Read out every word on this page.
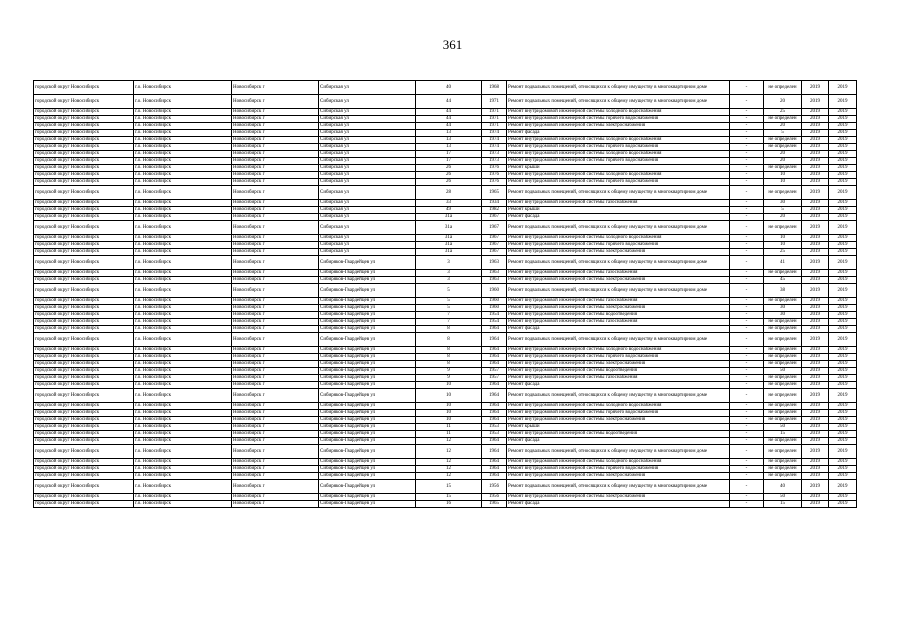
361
городской округ Новосибирск	г.о. Новосибирск	Новосибирск г	Сибирская ул	40	1968	Ремонт подвальных помещений, относящихся к общему имуществу в многоквартирном доме	-	не определен	2019	2019
городской округ Новосибирск	г.о. Новосибирск	Новосибирск г	Сибирская ул	44	1971	Ремонт подвальных помещений, относящихся к общему имуществу в многоквартирном доме	-	20	2019	2019
городской округ Новосибирск	г.о. Новосибирск	Новосибирск г	Сибирская ул	44	1971	Ремонт внутридомовой инженерной системы холодного водоснабжения	-	25	2019	2019
городской округ Новосибирск	г.о. Новосибирск	Новосибирск г	Сибирская ул	44	1971	Ремонт внутридомовой инженерной системы горячего водоснабжения	-	не определен	2019	2019
городской округ Новосибирск	г.о. Новосибирск	Новосибирск г	Сибирская ул	44	1971	Ремонт внутридомовой инженерной системы электроснабжения	-	20	2019	2019
городской округ Новосибирск	г.о. Новосибирск	Новосибирск г	Сибирская ул	13	1974	Ремонт фасада	-	5	2019	2019
городской округ Новосибирск	г.о. Новосибирск	Новосибирск г	Сибирская ул	13	1974	Ремонт внутридомовой инженерной системы холодного водоснабжения	-	не определен	2019	2019
городской округ Новосибирск	г.о. Новосибирск	Новосибирск г	Сибирская ул	13	1974	Ремонт внутридомовой инженерной системы горячего водоснабжения	-	не определен	2019	2019
городской округ Новосибирск	г.о. Новосибирск	Новосибирск г	Сибирская ул	17	1973	Ремонт внутридомовой инженерной системы холодного водоснабжения	-	20	2019	2019
городской округ Новосибирск	г.о. Новосибирск	Новосибирск г	Сибирская ул	17	1973	Ремонт внутридомовой инженерной системы горячего водоснабжения	-	20	2019	2019
городской округ Новосибирск	г.о. Новосибирск	Новосибирск г	Сибирская ул	26	1976	Ремонт крыши	-	не определен	2019	2019
городской округ Новосибирск	г.о. Новосибирск	Новосибирск г	Сибирская ул	26	1976	Ремонт внутридомовой инженерной системы холодного водоснабжения	-	10	2019	2019
городской округ Новосибирск	г.о. Новосибирск	Новосибирск г	Сибирская ул	26	1976	Ремонт внутридомовой инженерной системы горячего водоснабжения	-	10	2019	2019
городской округ Новосибирск	г.о. Новосибирск	Новосибирск г	Сибирская ул	28	1965	Ремонт подвальных помещений, относящихся к общему имуществу в многоквартирном доме	-	не определен	2019	2019
городской округ Новосибирск	г.о. Новосибирск	Новосибирск г	Сибирская ул	33	1934	Ремонт внутридомовой инженерной системы газоснабжения	-	30	2019	2019
городской округ Новосибирск	г.о. Новосибирск	Новосибирск г	Сибирская ул	49	1982	Ремонт крыши	-	5	2019	2019
городской округ Новосибирск	г.о. Новосибирск	Новосибирск г	Сибирская ул	31а	1967	Ремонт фасада	-	20	2019	2019
городской округ Новосибирск	г.о. Новосибирск	Новосибирск г	Сибирская ул	31а	1967	Ремонт подвальных помещений, относящихся к общему имуществу в многоквартирном доме	-	не определен	2019	2019
городской округ Новосибирск	г.о. Новосибирск	Новосибирск г	Сибирская ул	31а	1967	Ремонт внутридомовой инженерной системы холодного водоснабжения	-	10	2019	2019
городской округ Новосибирск	г.о. Новосибирск	Новосибирск г	Сибирская ул	31а	1967	Ремонт внутридомовой инженерной системы горячего водоснабжения	-	10	2019	2019
городской округ Новосибирск	г.о. Новосибирск	Новосибирск г	Сибирская ул	31а	1967	Ремонт внутридомовой инженерной системы электроснабжения	-	25	2019	2019
городской округ Новосибирск	г.о. Новосибирск	Новосибирск г	Сибиряков-Гвардейцев ул	3	1963	Ремонт подвальных помещений, относящихся к общему имуществу в многоквартирном доме	-	41	2019	2019
городской округ Новосибирск	г.о. Новосибирск	Новосибирск г	Сибиряков-Гвардейцев ул	3	1963	Ремонт внутридомовой инженерной системы газоснабжения	-	не определен	2019	2019
городской округ Новосибирск	г.о. Новосибирск	Новосибирск г	Сибиряков-Гвардейцев ул	3	1963	Ремонт внутридомовой инженерной системы электроснабжения	-	45	2019	2019
городской округ Новосибирск	г.о. Новосибирск	Новосибирск г	Сибиряков-Гвардейцев ул	5	1960	Ремонт подвальных помещений, относящихся к общему имуществу в многоквартирном доме	-	38	2019	2019
городской округ Новосибирск	г.о. Новосибирск	Новосибирск г	Сибиряков-Гвардейцев ул	5	1960	Ремонт внутридомовой инженерной системы газоснабжения	-	не определен	2019	2019
городской округ Новосибирск	г.о. Новосибирск	Новосибирск г	Сибиряков-Гвардейцев ул	5	1960	Ремонт внутридомовой инженерной системы электроснабжения	-	30	2019	2019
городской округ Новосибирск	г.о. Новосибирск	Новосибирск г	Сибиряков-Гвардейцев ул	7	1954	Ремонт внутридомовой инженерной системы водоотведения	-	30	2019	2019
городской округ Новосибирск	г.о. Новосибирск	Новосибирск г	Сибиряков-Гвардейцев ул	7	1954	Ремонт внутридомовой инженерной системы газоснабжения	-	не определен	2019	2019
городской округ Новосибирск	г.о. Новосибирск	Новосибирск г	Сибиряков-Гвардейцев ул	8	1964	Ремонт фасада	-	не определен	2019	2019
городской округ Новосибирск	г.о. Новосибирск	Новосибирск г	Сибиряков-Гвардейцев ул	8	1964	Ремонт подвальных помещений, относящихся к общему имуществу в многоквартирном доме	-	не определен	2019	2019
городской округ Новосибирск	г.о. Новосибирск	Новосибирск г	Сибиряков-Гвардейцев ул	8	1964	Ремонт внутридомовой инженерной системы холодного водоснабжения	-	не определен	2019	2019
городской округ Новосибирск	г.о. Новосибирск	Новосибирск г	Сибиряков-Гвардейцев ул	8	1964	Ремонт внутридомовой инженерной системы горячего водоснабжения	-	не определен	2019	2019
городской округ Новосибирск	г.о. Новосибирск	Новосибирск г	Сибиряков-Гвардейцев ул	8	1964	Ремонт внутридомовой инженерной системы электроснабжения	-	не определен	2019	2019
городской округ Новосибирск	г.о. Новосибирск	Новосибирск г	Сибиряков-Гвардейцев ул	9	1957	Ремонт внутридомовой инженерной системы водоотведения	-	50	2019	2019
городской округ Новосибирск	г.о. Новосибирск	Новосибирск г	Сибиряков-Гвардейцев ул	9	1957	Ремонт внутридомовой инженерной системы газоснабжения	-	не определен	2019	2019
городской округ Новосибирск	г.о. Новосибирск	Новосибирск г	Сибиряков-Гвардейцев ул	10	1964	Ремонт фасада	-	не определен	2019	2019
городской округ Новосибирск	г.о. Новосибирск	Новосибирск г	Сибиряков-Гвардейцев ул	10	1964	Ремонт подвальных помещений, относящихся к общему имуществу в многоквартирном доме	-	не определен	2019	2019
городской округ Новосибирск	г.о. Новосибирск	Новосибирск г	Сибиряков-Гвардейцев ул	10	1964	Ремонт внутридомовой инженерной системы холодного водоснабжения	-	не определен	2019	2019
городской округ Новосибирск	г.о. Новосибирск	Новосибирск г	Сибиряков-Гвардейцев ул	10	1964	Ремонт внутридомовой инженерной системы горячего водоснабжения	-	не определен	2019	2019
городской округ Новосибирск	г.о. Новосибирск	Новосибирск г	Сибиряков-Гвардейцев ул	10	1964	Ремонт внутридомовой инженерной системы электроснабжения	-	не определен	2019	2019
городской округ Новосибирск	г.о. Новосибирск	Новосибирск г	Сибиряков-Гвардейцев ул	11	1953	Ремонт крыши	-	50	2019	2019
городской округ Новосибирск	г.о. Новосибирск	Новосибирск г	Сибиряков-Гвардейцев ул	11	1953	Ремонт внутридомовой инженерной системы водоотведения	-	15	2019	2019
городской округ Новосибирск	г.о. Новосибирск	Новосибирск г	Сибиряков-Гвардейцев ул	12	1964	Ремонт фасада	-	не определен	2019	2019
городской округ Новосибирск	г.о. Новосибирск	Новосибирск г	Сибиряков-Гвардейцев ул	12	1964	Ремонт подвальных помещений, относящихся к общему имуществу в многоквартирном доме	-	не определен	2019	2019
городской округ Новосибирск	г.о. Новосибирск	Новосибирск г	Сибиряков-Гвардейцев ул	12	1964	Ремонт внутридомовой инженерной системы холодного водоснабжения	-	не определен	2019	2019
городской округ Новосибирск	г.о. Новосибирск	Новосибирск г	Сибиряков-Гвардейцев ул	12	1964	Ремонт внутридомовой инженерной системы горячего водоснабжения	-	не определен	2019	2019
городской округ Новосибирск	г.о. Новосибирск	Новосибирск г	Сибиряков-Гвардейцев ул	12	1964	Ремонт внутридомовой инженерной системы электроснабжения	-	не определен	2019	2019
городской округ Новосибирск	г.о. Новосибирск	Новосибирск г	Сибиряков-Гвардейцев ул	15	1956	Ремонт подвальных помещений, относящихся к общему имуществу в многоквартирном доме	-	40	2019	2019
городской округ Новосибирск	г.о. Новосибирск	Новосибирск г	Сибиряков-Гвардейцев ул	15	1956	Ремонт внутридомовой инженерной системы электроснабжения	-	50	2019	2019
городской округ Новосибирск	г.о. Новосибирск	Новосибирск г	Сибиряков-Гвардейцев ул	16	1965	Ремонт фасада	-	15	2019	2019
